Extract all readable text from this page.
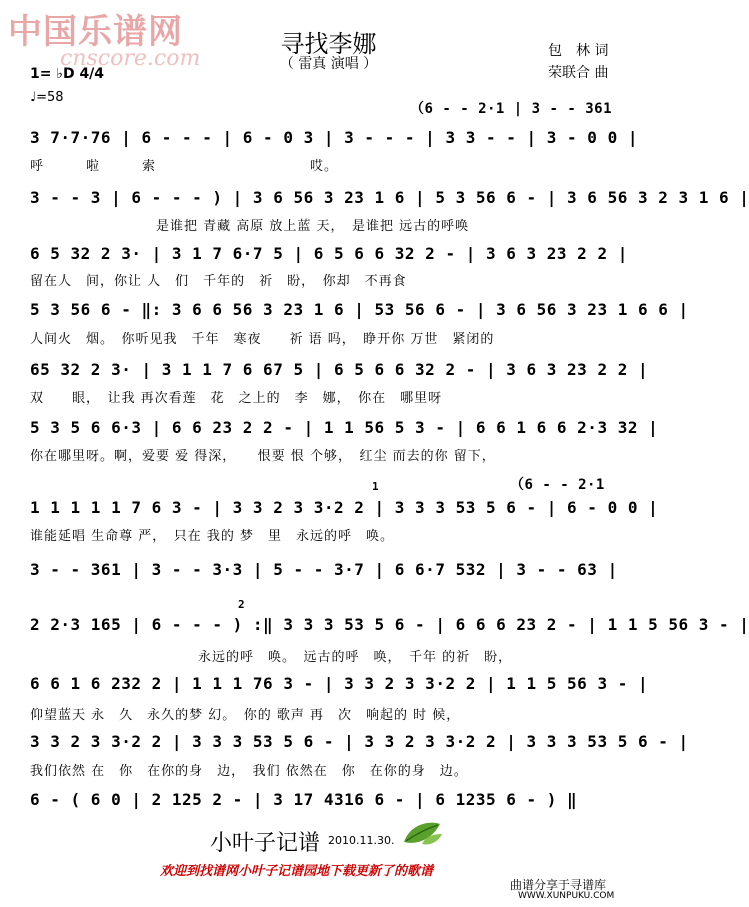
中国乐谱网
cnscore.com
寻找李娜
（ 雷真 演唱 ）
包　林 词
荣联合 曲
1= ♭D 4/4
♩=58
（6 - - 2·1 | 3 - - 361
3 7·7·76 | 6 - - - | 6 - 0 3 | 3 - - - | 3 3 - - | 3 - 0 0 |
呼　　　啦　　　索　　　　　　　　　　　哎。
3 - - 3 | 6 - - - ) | 3 6 56 3 23 1 6 | 5 3 56 6 - | 3 6 56 3 2 3 1 6 |
　　　　　　　　　是谁把 青藏 高原 放上蓝 天，　是谁把 远古的呼唤
6 5 32 2 3· | 3 1 7 6·7 5 | 6 5 6 6 32 2 - | 3 6 3 23 2 2 |
留在人　间，你让 人　们　千年的　祈　盼，　你却　不再食
5 3 56 6 - ‖: 3 6 6 56 3 23 1 6 | 53 56 6 - | 3 6 56 3 23 1 6 6 |
人间火　烟。　你听见我　千年　寒夜　　祈 语 吗，　睁开你 万世　紧闭的
65 32 2 3· | 3 1 1 7 6 67 5 | 6 5 6 6 32 2 - | 3 6 3 23 2 2 |
双　　眼，　让我 再次看莲　花　之上的　李　娜，　你在　哪里呀
5 3 5 6 6·3 | 6 6 23 2 2 - | 1 1 56 5 3 - | 6 6 1 6 6 2·3 32 |
你在哪里呀。啊，爱要 爱 得深，　　恨要 恨 个够，　红尘 而去的你 留下，
1	（6 - - 2·1
1 1 1 1 1 7 6 3 - | 3 3 2 3 3·2 2 | 3 3 3 53 5 6 - | 6 - 0 0 |
谁能延唱 生命尊 严，　只在 我的 梦　里　永远的呼　唤。
3 - - 361 | 3 - - 3·3 | 5 - - 3·7 | 6 6·7 532 | 3 - - 63 |
2
2 2·3 165 | 6 - - - ) :‖ 3 3 3 53 5 6 - | 6 6 6 23 2 - | 1 1 5 56 3 - |
　　　　　　　　　　　　永远的呼　唤。　远古的呼　唤，　千年 的祈　盼，
6 6 1 6 232 2 | 1 1 1 76 3 - | 3 3 2 3 3·2 2 | 1 1 5 56 3 - |
仰望蓝天 永　久　永久的梦 幻。　你的 歌声 再　次　响起的 时 候，
3 3 2 3 3·2 2 | 3 3 3 53 5 6 - | 3 3 2 3 3·2 2 | 3 3 3 53 5 6 - |
我们依然 在　你　在你的身　边，　我们 依然在　你　在你的身　边。
6 - ( 6 0 | 2 125 2 - | 3 17 4316 6 - | 6 1235 6 - ) ‖
小叶子记谱 2010.11.30.
欢迎到找谱网小叶子记谱园地下载更新了的歌谱
曲谱分享于寻谱库
WWW.XUNPUKU.COM
